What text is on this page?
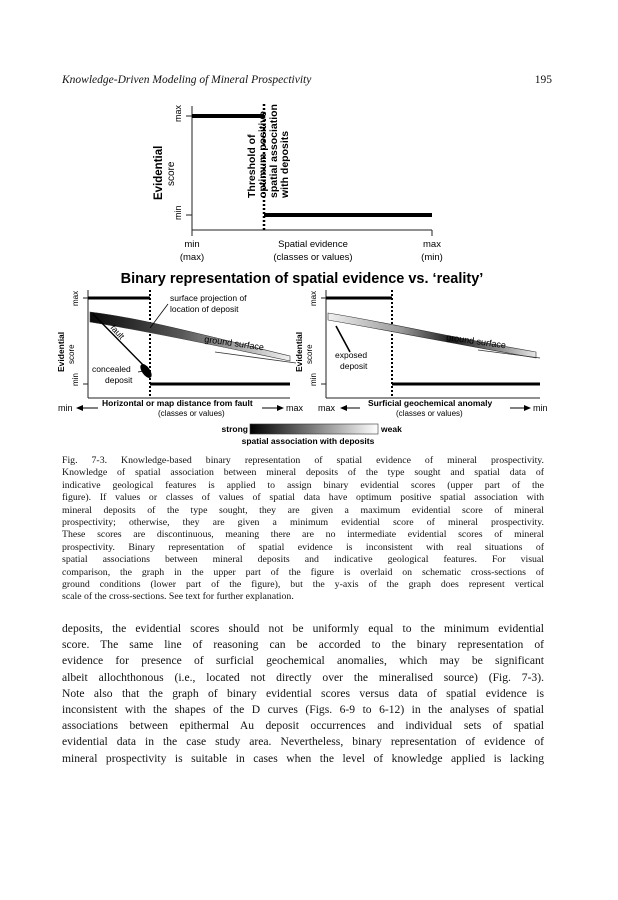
Knowledge-Driven Modeling of Mineral Prospectivity	195
max
min
Evidential score	Threshold of optimum positive spatial association with deposits
min
(max)
Spatial evidence
(classes or values)
max
(min)
Binary representation of spatial evidence vs. ‘reality’
max
min
Evidential score
surface projection of
location of deposit
ground surface
fault
concealed
deposit
min	Horizontal or map distance from fault
(classes or values)
max
max
min
Evidential score
ground surface
exposed
deposit
max	Surficial geochemical anomaly
(classes or values)
min
strong	weak
spatial association with deposits
Fig. 7-3. Knowledge-based binary representation of spatial evidence of mineral prospectivity.
Knowledge of spatial association between mineral deposits of the type sought and spatial data of
indicative geological features is applied to assign binary evidential scores (upper part of the
figure). If values or classes of values of spatial data have optimum positive spatial association with
mineral deposits of the type sought, they are given a maximum evidential score of mineral
prospectivity; otherwise, they are given a minimum evidential score of mineral prospectivity.
These scores are discontinuous, meaning there are no intermediate evidential scores of mineral
prospectivity. Binary representation of spatial evidence is inconsistent with real situations of
spatial associations between mineral deposits and indicative geological features. For visual
comparison, the graph in the upper part of the figure is overlaid on schematic cross-sections of
ground conditions (lower part of the figure), but the y-axis of the graph does represent vertical
scale of the cross-sections. See text for further explanation.
deposits, the evidential scores should not be uniformly equal to the minimum evidential
score. The same line of reasoning can be accorded to the binary representation of
evidence for presence of surficial geochemical anomalies, which may be significant
albeit allochthonous (i.e., located not directly over the mineralised source) (Fig. 7-3).
Note also that the graph of binary evidential scores versus data of spatial evidence is
inconsistent with the shapes of the D curves (Figs. 6-9 to 6-12) in the analyses of spatial
associations between epithermal Au deposit occurrences and individual sets of spatial
evidential data in the case study area. Nevertheless, binary representation of evidence of
mineral prospectivity is suitable in cases when the level of knowledge applied is lacking
